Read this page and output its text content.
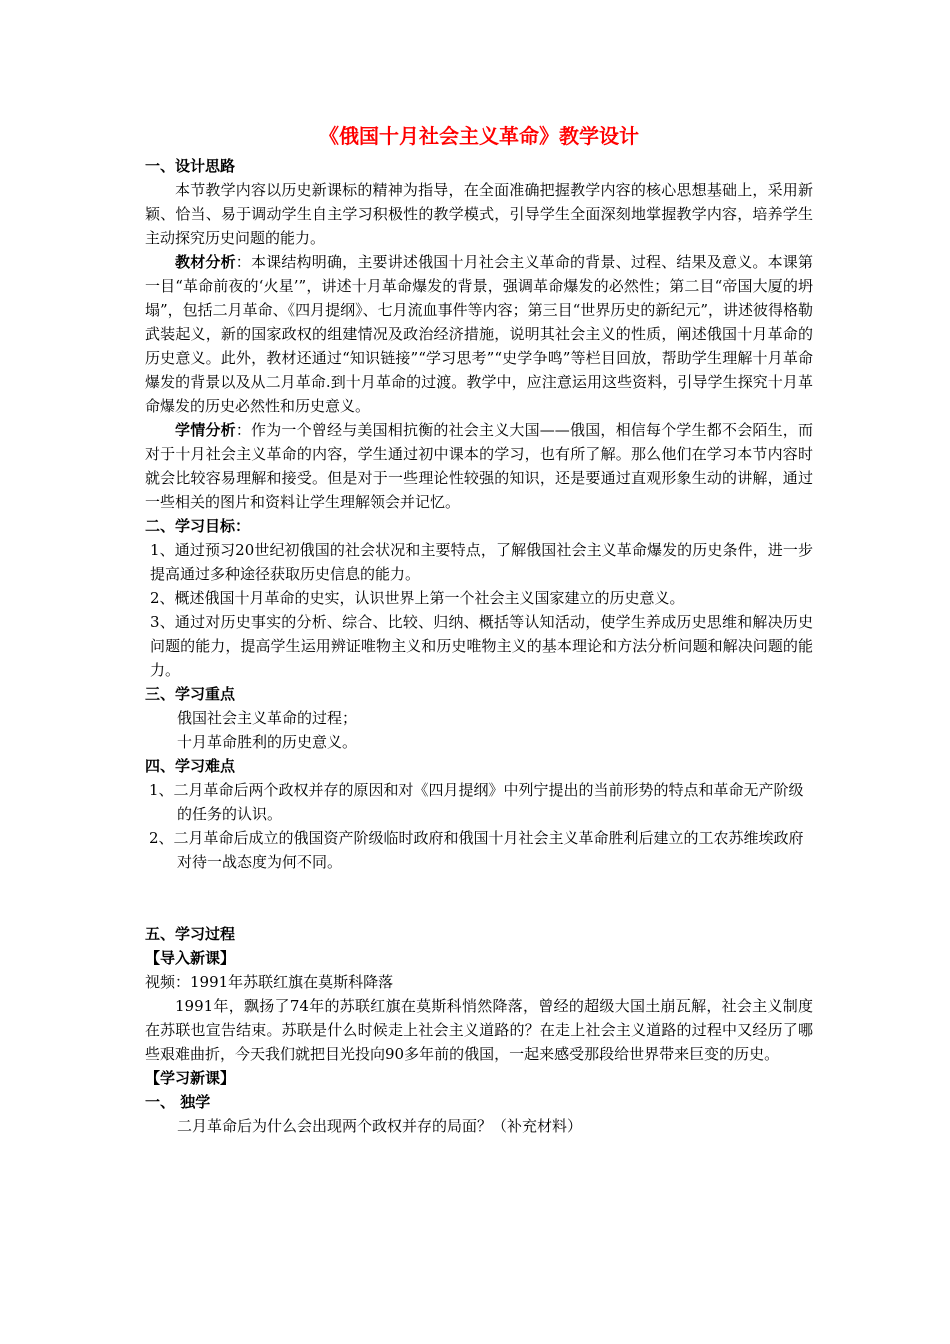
《俄国十月社会主义革命》教学设计
一、设计思路

本节教学内容以历史新课标的精神为指导，在全面准确把握教学内容的核心思想基础上，采用新颖、恰当、易于调动学生自主学习积极性的教学模式，引导学生全面深刻地掌握教学内容，培养学生主动探究历史问题的能力。

教材分析：本课结构明确，主要讲述俄国十月社会主义革命的背景、过程、结果及意义。本课第一目“革命前夜的‘火星’”，讲述十月革命爆发的背景，强调革命爆发的必然性；第二目“帝国大厦的坍塌”，包括二月革命、《四月提纲》、七月流血事件等内容；第三目“世界历史的新纪元”，讲述彼得格勒武装起义，新的国家政权的组建情况及政治经济措施，说明其社会主义的性质，阐述俄国十月革命的历史意义。此外，教材还通过“知识链接”“学习思考”“史学争鸣”等栏目回放，帮助学生理解十月革命爆发的背景以及从二月革命.到十月革命的过渡。教学中，应注意运用这些资料，引导学生探究十月革命爆发的历史必然性和历史意义。

学情分析：作为一个曾经与美国相抗衡的社会主义大国——俄国，相信每个学生都不会陌生，而对于十月社会主义革命的内容，学生通过初中课本的学习，也有所了解。那么他们在学习本节内容时就会比较容易理解和接受。但是对于一些理论性较强的知识，还是要通过直观形象生动的讲解，通过一些相关的图片和资料让学生理解领会并记忆。

二、学习目标：
1、通过预习20世纪初俄国的社会状况和主要特点，了解俄国社会主义革命爆发的历史条件，进一步提高通过多种途径获取历史信息的能力。
2、概述俄国十月革命的史实，认识世界上第一个社会主义国家建立的历史意义。
3、通过对历史事实的分析、综合、比较、归纳、概括等认知活动，使学生养成历史思维和解决历史问题的能力，提高学生运用辨证唯物主义和历史唯物主义的基本理论和方法分析问题和解决问题的能力。
三、学习重点
俄国社会主义革命的过程；
十月革命胜利的历史意义。
四、学习难点
1、二月革命后两个政权并存的原因和对《四月提纲》中列宁提出的当前形势的特点和革命无产阶级的任务的认识。
2、二月革命后成立的俄国资产阶级临时政府和俄国十月社会主义革命胜利后建立的工农苏维埃政府对待一战态度为何不同。
五、学习过程
【导入新课】
视频：1991年苏联红旗在莫斯科降落

1991年，飘扬了74年的苏联红旗在莫斯科悄然降落，曾经的超级大国土崩瓦解，社会主义制度在苏联也宣告结束。苏联是什么时候走上社会主义道路的？在走上社会主义道路的过程中又经历了哪些艰难曲折，今天我们就把目光投向90多年前的俄国，一起来感受那段给世界带来巨变的历史。

【学习新课】
一、 独学
二月革命后为什么会出现两个政权并存的局面？（补充材料）
